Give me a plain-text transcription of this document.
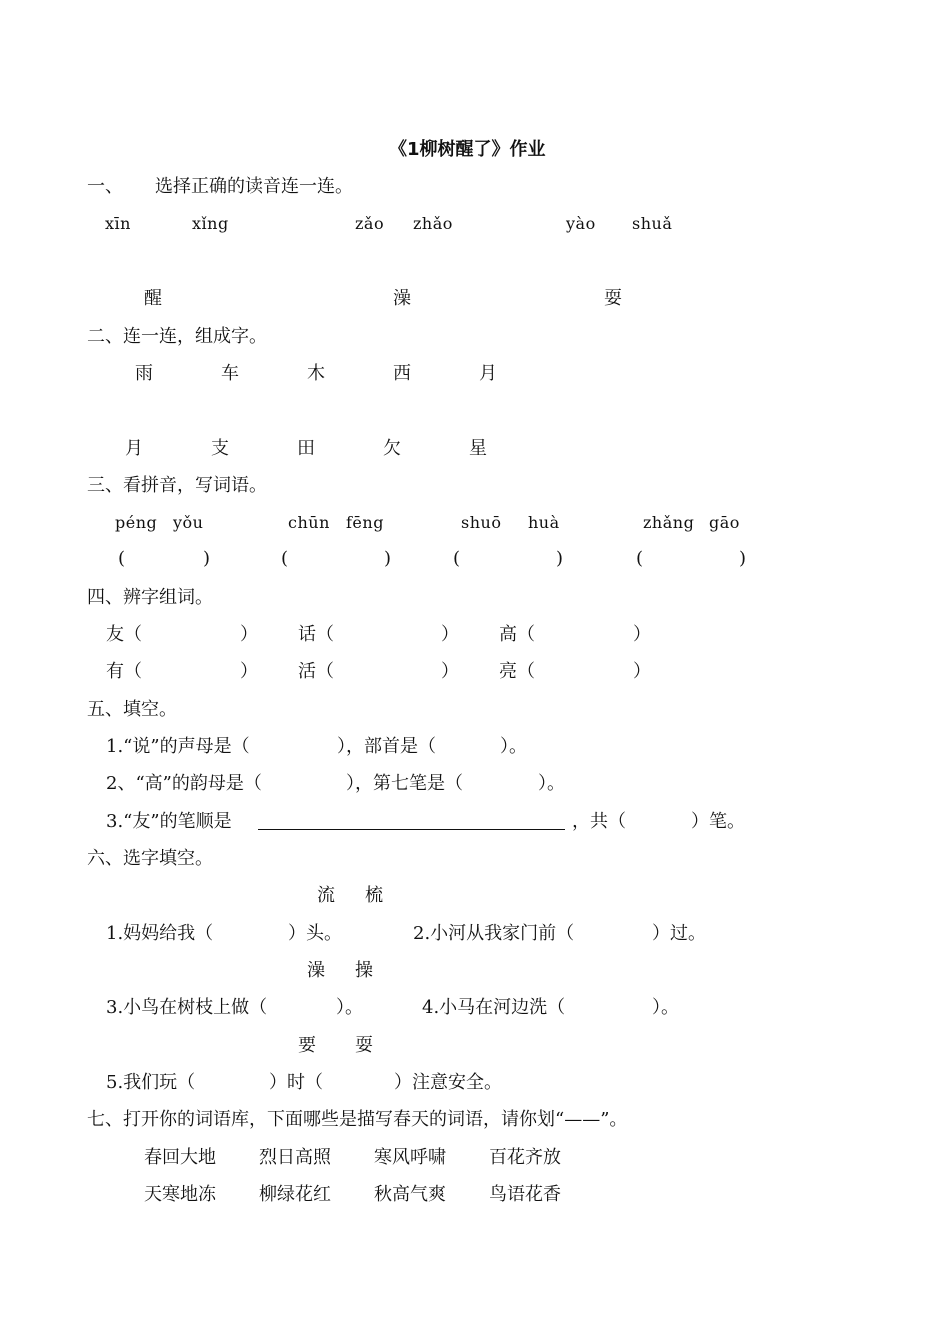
《1柳树醒了》作业
一、 选择正确的读音连一连。
xīn	xǐng	zǎo zhǎo	yào shuǎ
醒	澡	耍
二、连一连，组成字。
雨	车	木	西	月
月	支	田	欠	星
三、看拼音，写词语。
péng yǒu	chūn fēng	shuō huà	zhǎng gāo
(	)	(	)	(	)	(	)
四、辨字组词。
友（	） 话（	） 高（	）
有（	） 活（	） 亮（	）
五、填空。
1.“说”的声母是（	），部首是（	）。
2、“高”的韵母是（	），第七笔是（	）。
3.“友”的笔顺是	，共（	）笔。
六、选字填空。
流 梳
1.妈妈给我（	）头。	2.小河从我家门前（	）过。
澡 操
3.小鸟在树枝上做（	）。	4.小马在河边洗（	）。
要 耍
5.我们玩（	）时（	）注意安全。
七、打开你的词语库，下面哪些是描写春天的词语，请你划“——”。
春回大地 烈日高照 寒风呼啸 百花齐放
天寒地冻 柳绿花红 秋高气爽 鸟语花香
